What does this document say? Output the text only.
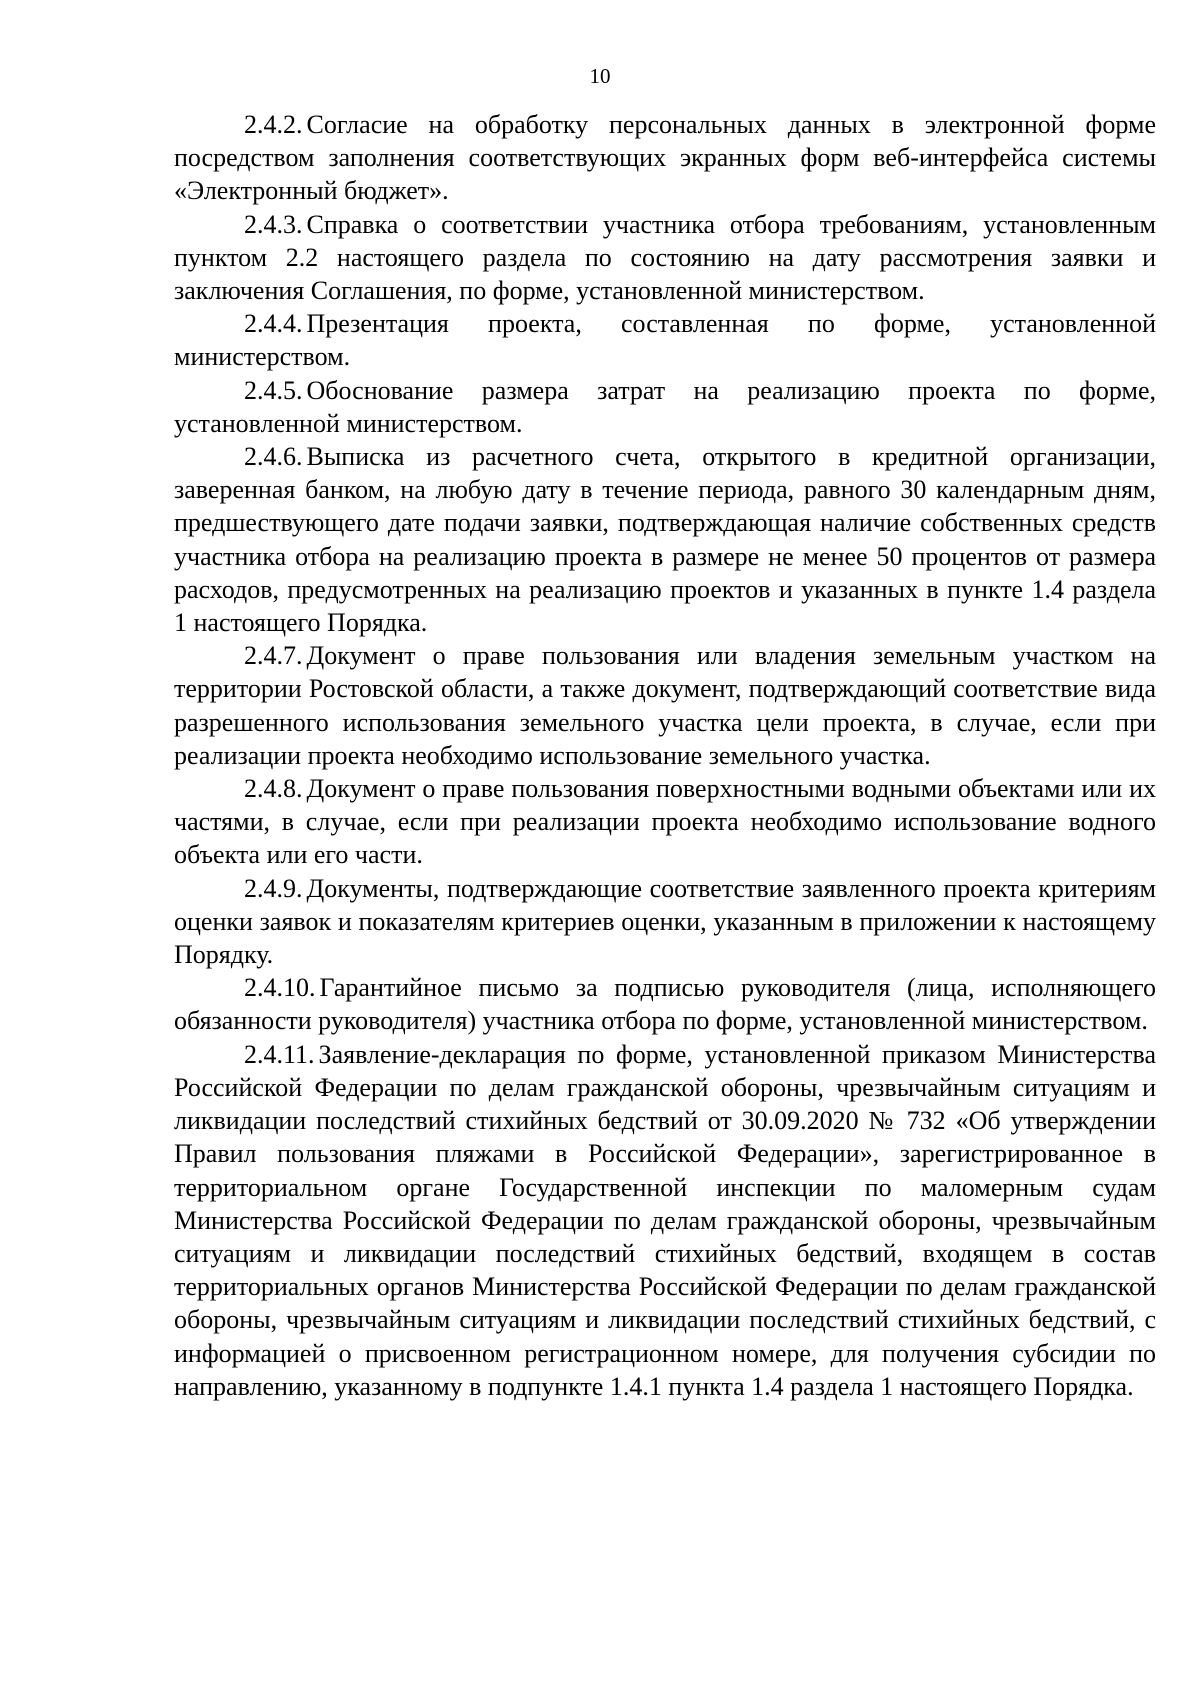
10

2.4.2. Согласие на обработку персональных данных в электронной форме посредством заполнения соответствующих экранных форм веб-интерфейса системы «Электронный бюджет».

2.4.3. Справка о соответствии участника отбора требованиям, установленным пунктом 2.2 настоящего раздела по состоянию на дату рассмотрения заявки и заключения Соглашения, по форме, установленной министерством.

2.4.4. Презентация проекта, составленная по форме, установленной министерством.

2.4.5. Обоснование размера затрат на реализацию проекта по форме, установленной министерством.

2.4.6. Выписка из расчетного счета, открытого в кредитной организации, заверенная банком, на любую дату в течение периода, равного 30 календарным дням, предшествующего дате подачи заявки, подтверждающая наличие собственных средств участника отбора на реализацию проекта в размере не менее 50 процентов от размера расходов, предусмотренных на реализацию проектов и указанных в пункте 1.4 раздела 1 настоящего Порядка.

2.4.7. Документ о праве пользования или владения земельным участком на территории Ростовской области, а также документ, подтверждающий соответствие вида разрешенного использования земельного участка цели проекта, в случае, если при реализации проекта необходимо использование земельного участка.

2.4.8. Документ о праве пользования поверхностными водными объектами или их частями, в случае, если при реализации проекта необходимо использование водного объекта или его части.

2.4.9. Документы, подтверждающие соответствие заявленного проекта критериям оценки заявок и показателям критериев оценки, указанным в приложении к настоящему Порядку.

2.4.10. Гарантийное письмо за подписью руководителя (лица, исполняющего обязанности руководителя) участника отбора по форме, установленной министерством.

2.4.11. Заявление-декларация по форме, установленной приказом Министерства Российской Федерации по делам гражданской обороны, чрезвычайным ситуациям и ликвидации последствий стихийных бедствий от 30.09.2020 № 732 «Об утверждении Правил пользования пляжами в Российской Федерации», зарегистрированное в территориальном органе Государственной инспекции по маломерным судам Министерства Российской Федерации по делам гражданской обороны, чрезвычайным ситуациям и ликвидации последствий стихийных бедствий, входящем в состав территориальных органов Министерства Российской Федерации по делам гражданской обороны, чрезвычайным ситуациям и ликвидации последствий стихийных бедствий, с информацией о присвоенном регистрационном номере, для получения субсидии по направлению, указанному в подпункте 1.4.1 пункта 1.4 раздела 1 настоящего Порядка.
